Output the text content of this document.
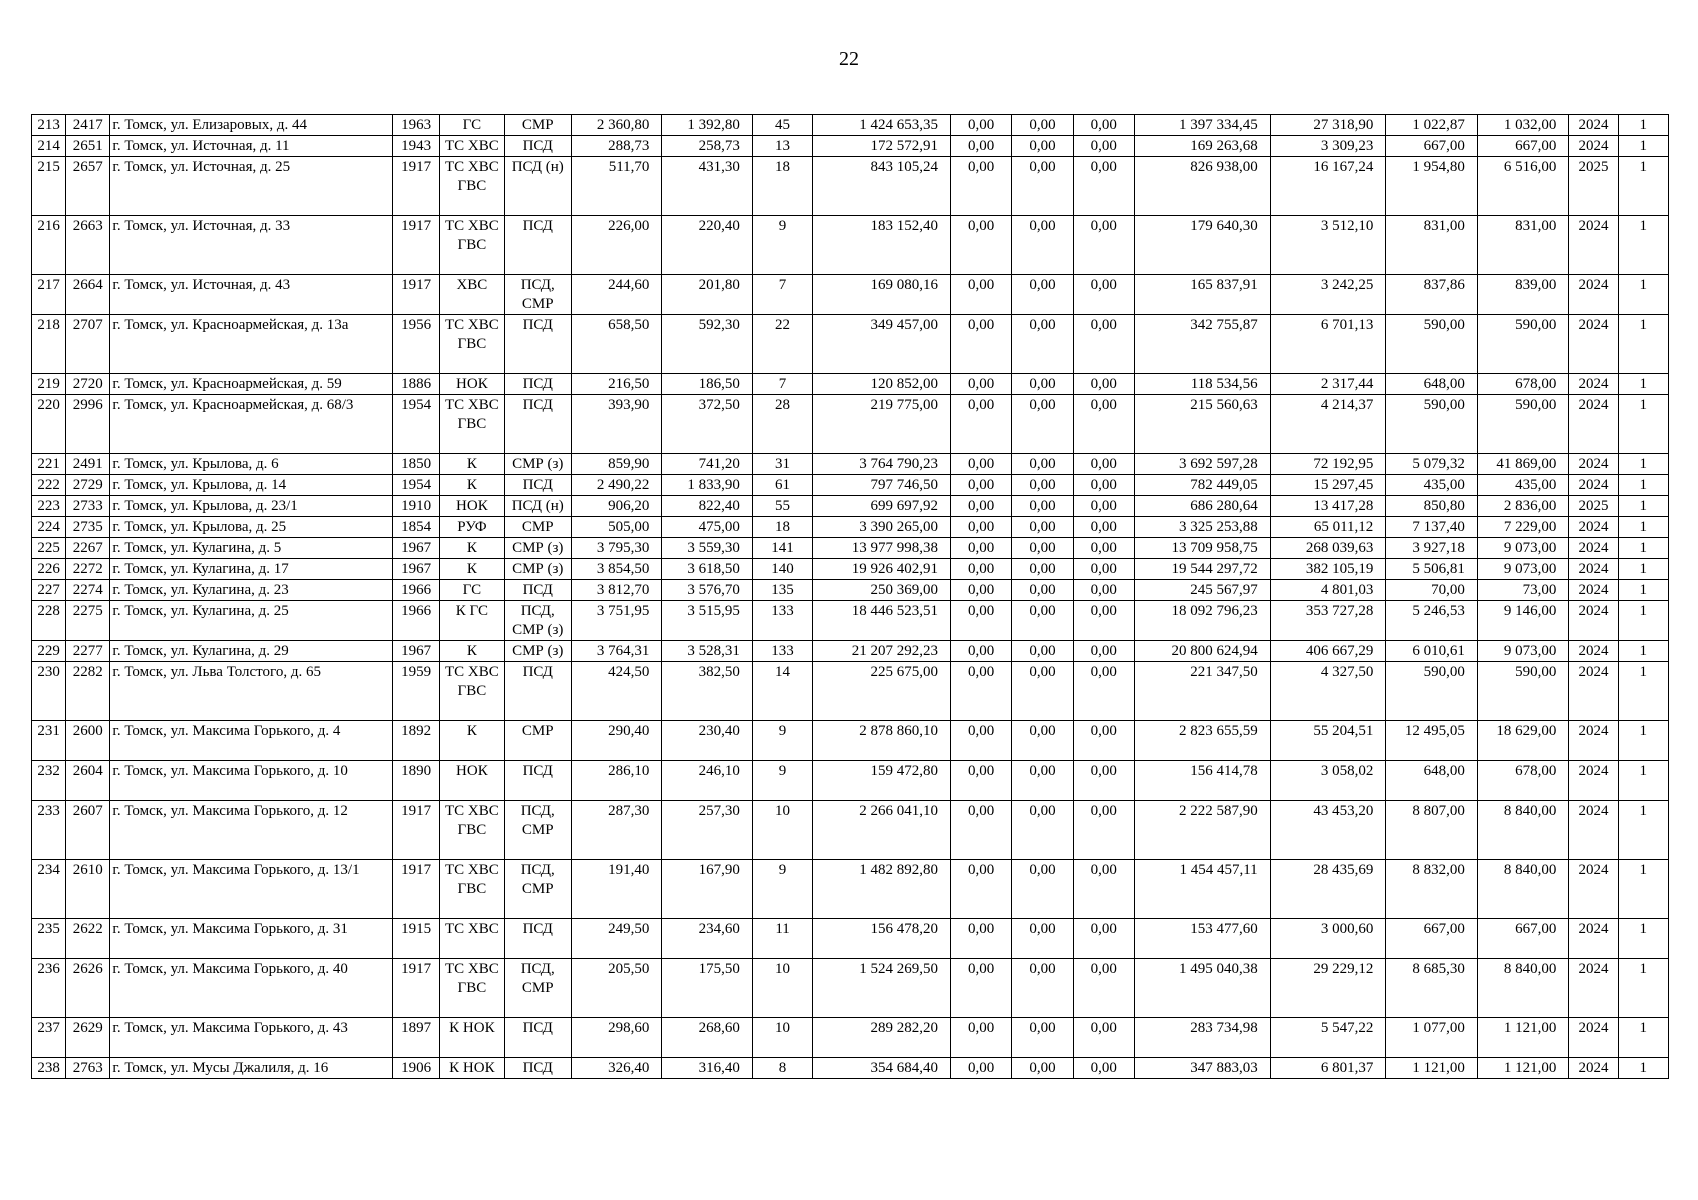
22
213	2417	г. Томск, ул. Елизаровых, д. 44	1963	ГС	СМР	2 360,80	1 392,80	45	1 424 653,35	0,00	0,00	0,00	1 397 334,45	27 318,90	1 022,87	1 032,00	2024	1
214	2651	г. Томск, ул. Источная, д. 11	1943	ТС ХВС	ПСД	288,73	258,73	13	172 572,91	0,00	0,00	0,00	169 263,68	3 309,23	667,00	667,00	2024	1
215	2657	г. Томск, ул. Источная, д. 25	1917	ТС ХВС ГВС	ПСД (н)	511,70	431,30	18	843 105,24	0,00	0,00	0,00	826 938,00	16 167,24	1 954,80	6 516,00	2025	1
216	2663	г. Томск, ул. Источная, д. 33	1917	ТС ХВС ГВС	ПСД	226,00	220,40	9	183 152,40	0,00	0,00	0,00	179 640,30	3 512,10	831,00	831,00	2024	1
217	2664	г. Томск, ул. Источная, д. 43	1917	ХВС	ПСД, СМР	244,60	201,80	7	169 080,16	0,00	0,00	0,00	165 837,91	3 242,25	837,86	839,00	2024	1
218	2707	г. Томск, ул. Красноармейская, д. 13а	1956	ТС ХВС ГВС	ПСД	658,50	592,30	22	349 457,00	0,00	0,00	0,00	342 755,87	6 701,13	590,00	590,00	2024	1
219	2720	г. Томск, ул. Красноармейская, д. 59	1886	НОК	ПСД	216,50	186,50	7	120 852,00	0,00	0,00	0,00	118 534,56	2 317,44	648,00	678,00	2024	1
220	2996	г. Томск, ул. Красноармейская, д. 68/3	1954	ТС ХВС ГВС	ПСД	393,90	372,50	28	219 775,00	0,00	0,00	0,00	215 560,63	4 214,37	590,00	590,00	2024	1
221	2491	г. Томск, ул. Крылова, д. 6	1850	К	СМР (з)	859,90	741,20	31	3 764 790,23	0,00	0,00	0,00	3 692 597,28	72 192,95	5 079,32	41 869,00	2024	1
222	2729	г. Томск, ул. Крылова, д. 14	1954	К	ПСД	2 490,22	1 833,90	61	797 746,50	0,00	0,00	0,00	782 449,05	15 297,45	435,00	435,00	2024	1
223	2733	г. Томск, ул. Крылова, д. 23/1	1910	НОК	ПСД (н)	906,20	822,40	55	699 697,92	0,00	0,00	0,00	686 280,64	13 417,28	850,80	2 836,00	2025	1
224	2735	г. Томск, ул. Крылова, д. 25	1854	РУФ	СМР	505,00	475,00	18	3 390 265,00	0,00	0,00	0,00	3 325 253,88	65 011,12	7 137,40	7 229,00	2024	1
225	2267	г. Томск, ул. Кулагина, д. 5	1967	К	СМР (з)	3 795,30	3 559,30	141	13 977 998,38	0,00	0,00	0,00	13 709 958,75	268 039,63	3 927,18	9 073,00	2024	1
226	2272	г. Томск, ул. Кулагина, д. 17	1967	К	СМР (з)	3 854,50	3 618,50	140	19 926 402,91	0,00	0,00	0,00	19 544 297,72	382 105,19	5 506,81	9 073,00	2024	1
227	2274	г. Томск, ул. Кулагина, д. 23	1966	ГС	ПСД	3 812,70	3 576,70	135	250 369,00	0,00	0,00	0,00	245 567,97	4 801,03	70,00	73,00	2024	1
228	2275	г. Томск, ул. Кулагина, д. 25	1966	К ГС	ПСД, СМР (з)	3 751,95	3 515,95	133	18 446 523,51	0,00	0,00	0,00	18 092 796,23	353 727,28	5 246,53	9 146,00	2024	1
229	2277	г. Томск, ул. Кулагина, д. 29	1967	К	СМР (з)	3 764,31	3 528,31	133	21 207 292,23	0,00	0,00	0,00	20 800 624,94	406 667,29	6 010,61	9 073,00	2024	1
230	2282	г. Томск, ул. Льва Толстого, д. 65	1959	ТС ХВС ГВС	ПСД	424,50	382,50	14	225 675,00	0,00	0,00	0,00	221 347,50	4 327,50	590,00	590,00	2024	1
231	2600	г. Томск, ул. Максима Горького, д. 4	1892	К	СМР	290,40	230,40	9	2 878 860,10	0,00	0,00	0,00	2 823 655,59	55 204,51	12 495,05	18 629,00	2024	1
232	2604	г. Томск, ул. Максима Горького, д. 10	1890	НОК	ПСД	286,10	246,10	9	159 472,80	0,00	0,00	0,00	156 414,78	3 058,02	648,00	678,00	2024	1
233	2607	г. Томск, ул. Максима Горького, д. 12	1917	ТС ХВС ГВС	ПСД, СМР	287,30	257,30	10	2 266 041,10	0,00	0,00	0,00	2 222 587,90	43 453,20	8 807,00	8 840,00	2024	1
234	2610	г. Томск, ул. Максима Горького, д. 13/1	1917	ТС ХВС ГВС	ПСД, СМР	191,40	167,90	9	1 482 892,80	0,00	0,00	0,00	1 454 457,11	28 435,69	8 832,00	8 840,00	2024	1
235	2622	г. Томск, ул. Максима Горького, д. 31	1915	ТС ХВС	ПСД	249,50	234,60	11	156 478,20	0,00	0,00	0,00	153 477,60	3 000,60	667,00	667,00	2024	1
236	2626	г. Томск, ул. Максима Горького, д. 40	1917	ТС ХВС ГВС	ПСД, СМР	205,50	175,50	10	1 524 269,50	0,00	0,00	0,00	1 495 040,38	29 229,12	8 685,30	8 840,00	2024	1
237	2629	г. Томск, ул. Максима Горького, д. 43	1897	К НОК	ПСД	298,60	268,60	10	289 282,20	0,00	0,00	0,00	283 734,98	5 547,22	1 077,00	1 121,00	2024	1
238	2763	г. Томск, ул. Мусы Джалиля, д. 16	1906	К НОК	ПСД	326,40	316,40	8	354 684,40	0,00	0,00	0,00	347 883,03	6 801,37	1 121,00	1 121,00	2024	1
